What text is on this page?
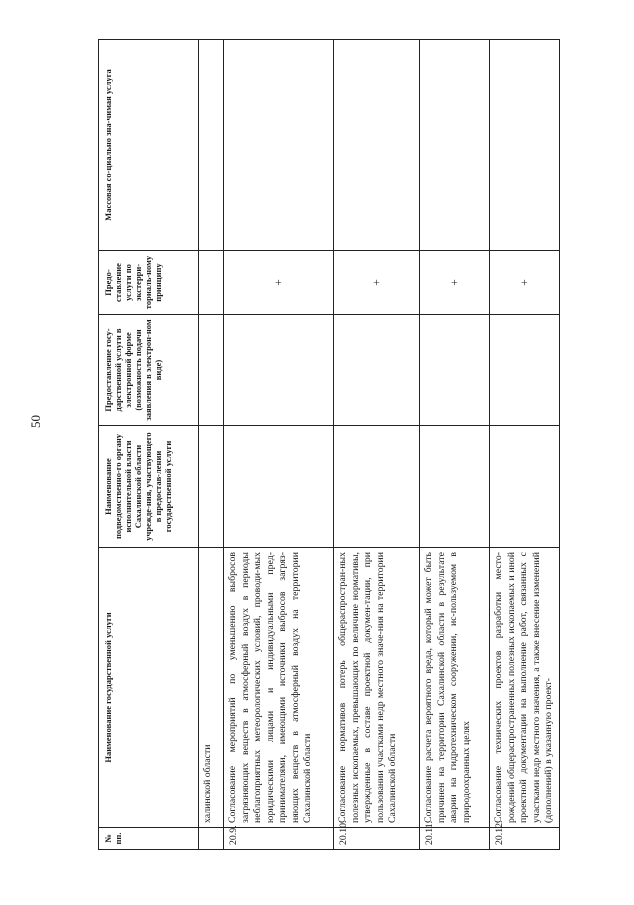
50
№ пп.	Наименование государственной услуги	Наименование подведомственно-го органу исполнительной власти Сахалинской области учрежде-ния, участвующего в предостав-лении государственной услуги	Предоставление госу-дарственной услуги в электронной форме (возможность подачи заявления в электрон-ном виде)	Предо-ставление услуги по экстерри-ториаль-ному принципу	Массовая со-циально зна-чимая услуга
	халинской области				
20.9.	Согласование мероприятий по уменьшению выбросов загрязняющих веществ в атмосферный воздух в периоды неблагоприятных метеорологических условий, проводи-мых юридическими лицами и индивидуальными пред-принимателями, имеющими источники выбросов загряз-няющих веществ в атмосферный воздух на территории Сахалинской области			+	
20.10.	Согласование нормативов потерь общераспростран-ных полезных ископаемых, превышающих по величине нормативы, утвержденные в составе проектной докумен-тации, при пользовании участками недр местного значе-ния на территории Сахалинской области			+	
20.11.	Согласование расчета вероятного вреда, который может быть причинен на территории Сахалинской области в результате аварии на гидротехническом сооружении, ис-пользуемом в природоохранных целях			+	
20.12.	Согласование технических проектов разработки место-рождений общераспространенных полезных ископаемых и иной проектной документации на выполнение работ, связанных с участками недр местного значения, а также внесение изменений (дополнений) в указанную проект-			+	
